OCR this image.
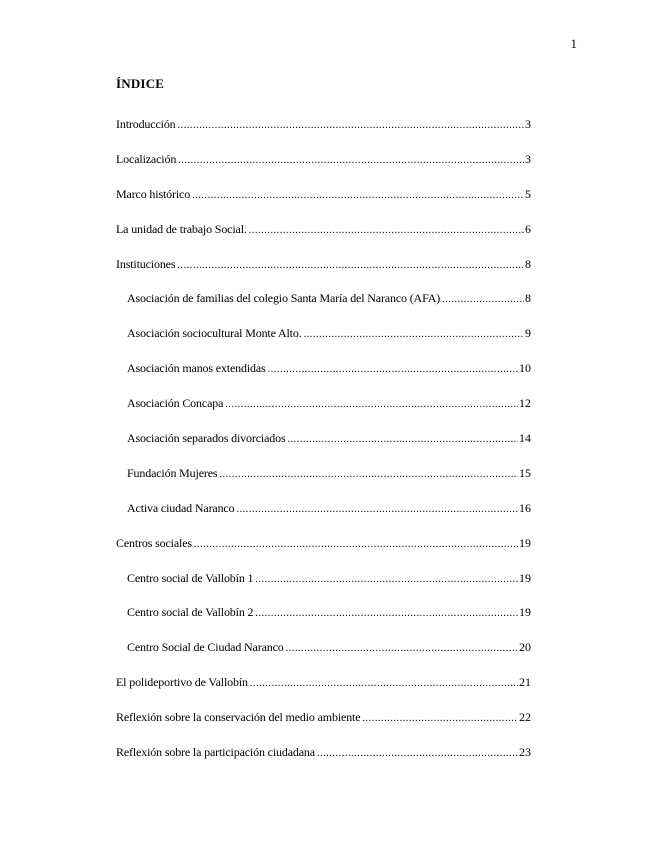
1
ÍNDICE
Introducción .....	3
Localización .....	3
Marco histórico .....	5
La unidad de trabajo Social. .....	6
Instituciones .....	8
Asociación de familias del colegio Santa María del Naranco (AFA) .....	8
Asociación sociocultural Monte Alto. .....	9
Asociación manos extendidas .....	10
Asociación Concapa .....	12
Asociación separados divorciados .....	14
Fundación Mujeres .....	15
Activa ciudad Naranco .....	16
Centros sociales .....	19
Centro social de Vallobín 1 .....	19
Centro social de Vallobín 2 .....	19
Centro Social de Ciudad Naranco .....	20
El polideportivo de Vallobín .....	21
Reflexión sobre la conservación del medio ambiente .....	22
Reflexión sobre la participación ciudadana .....	23
